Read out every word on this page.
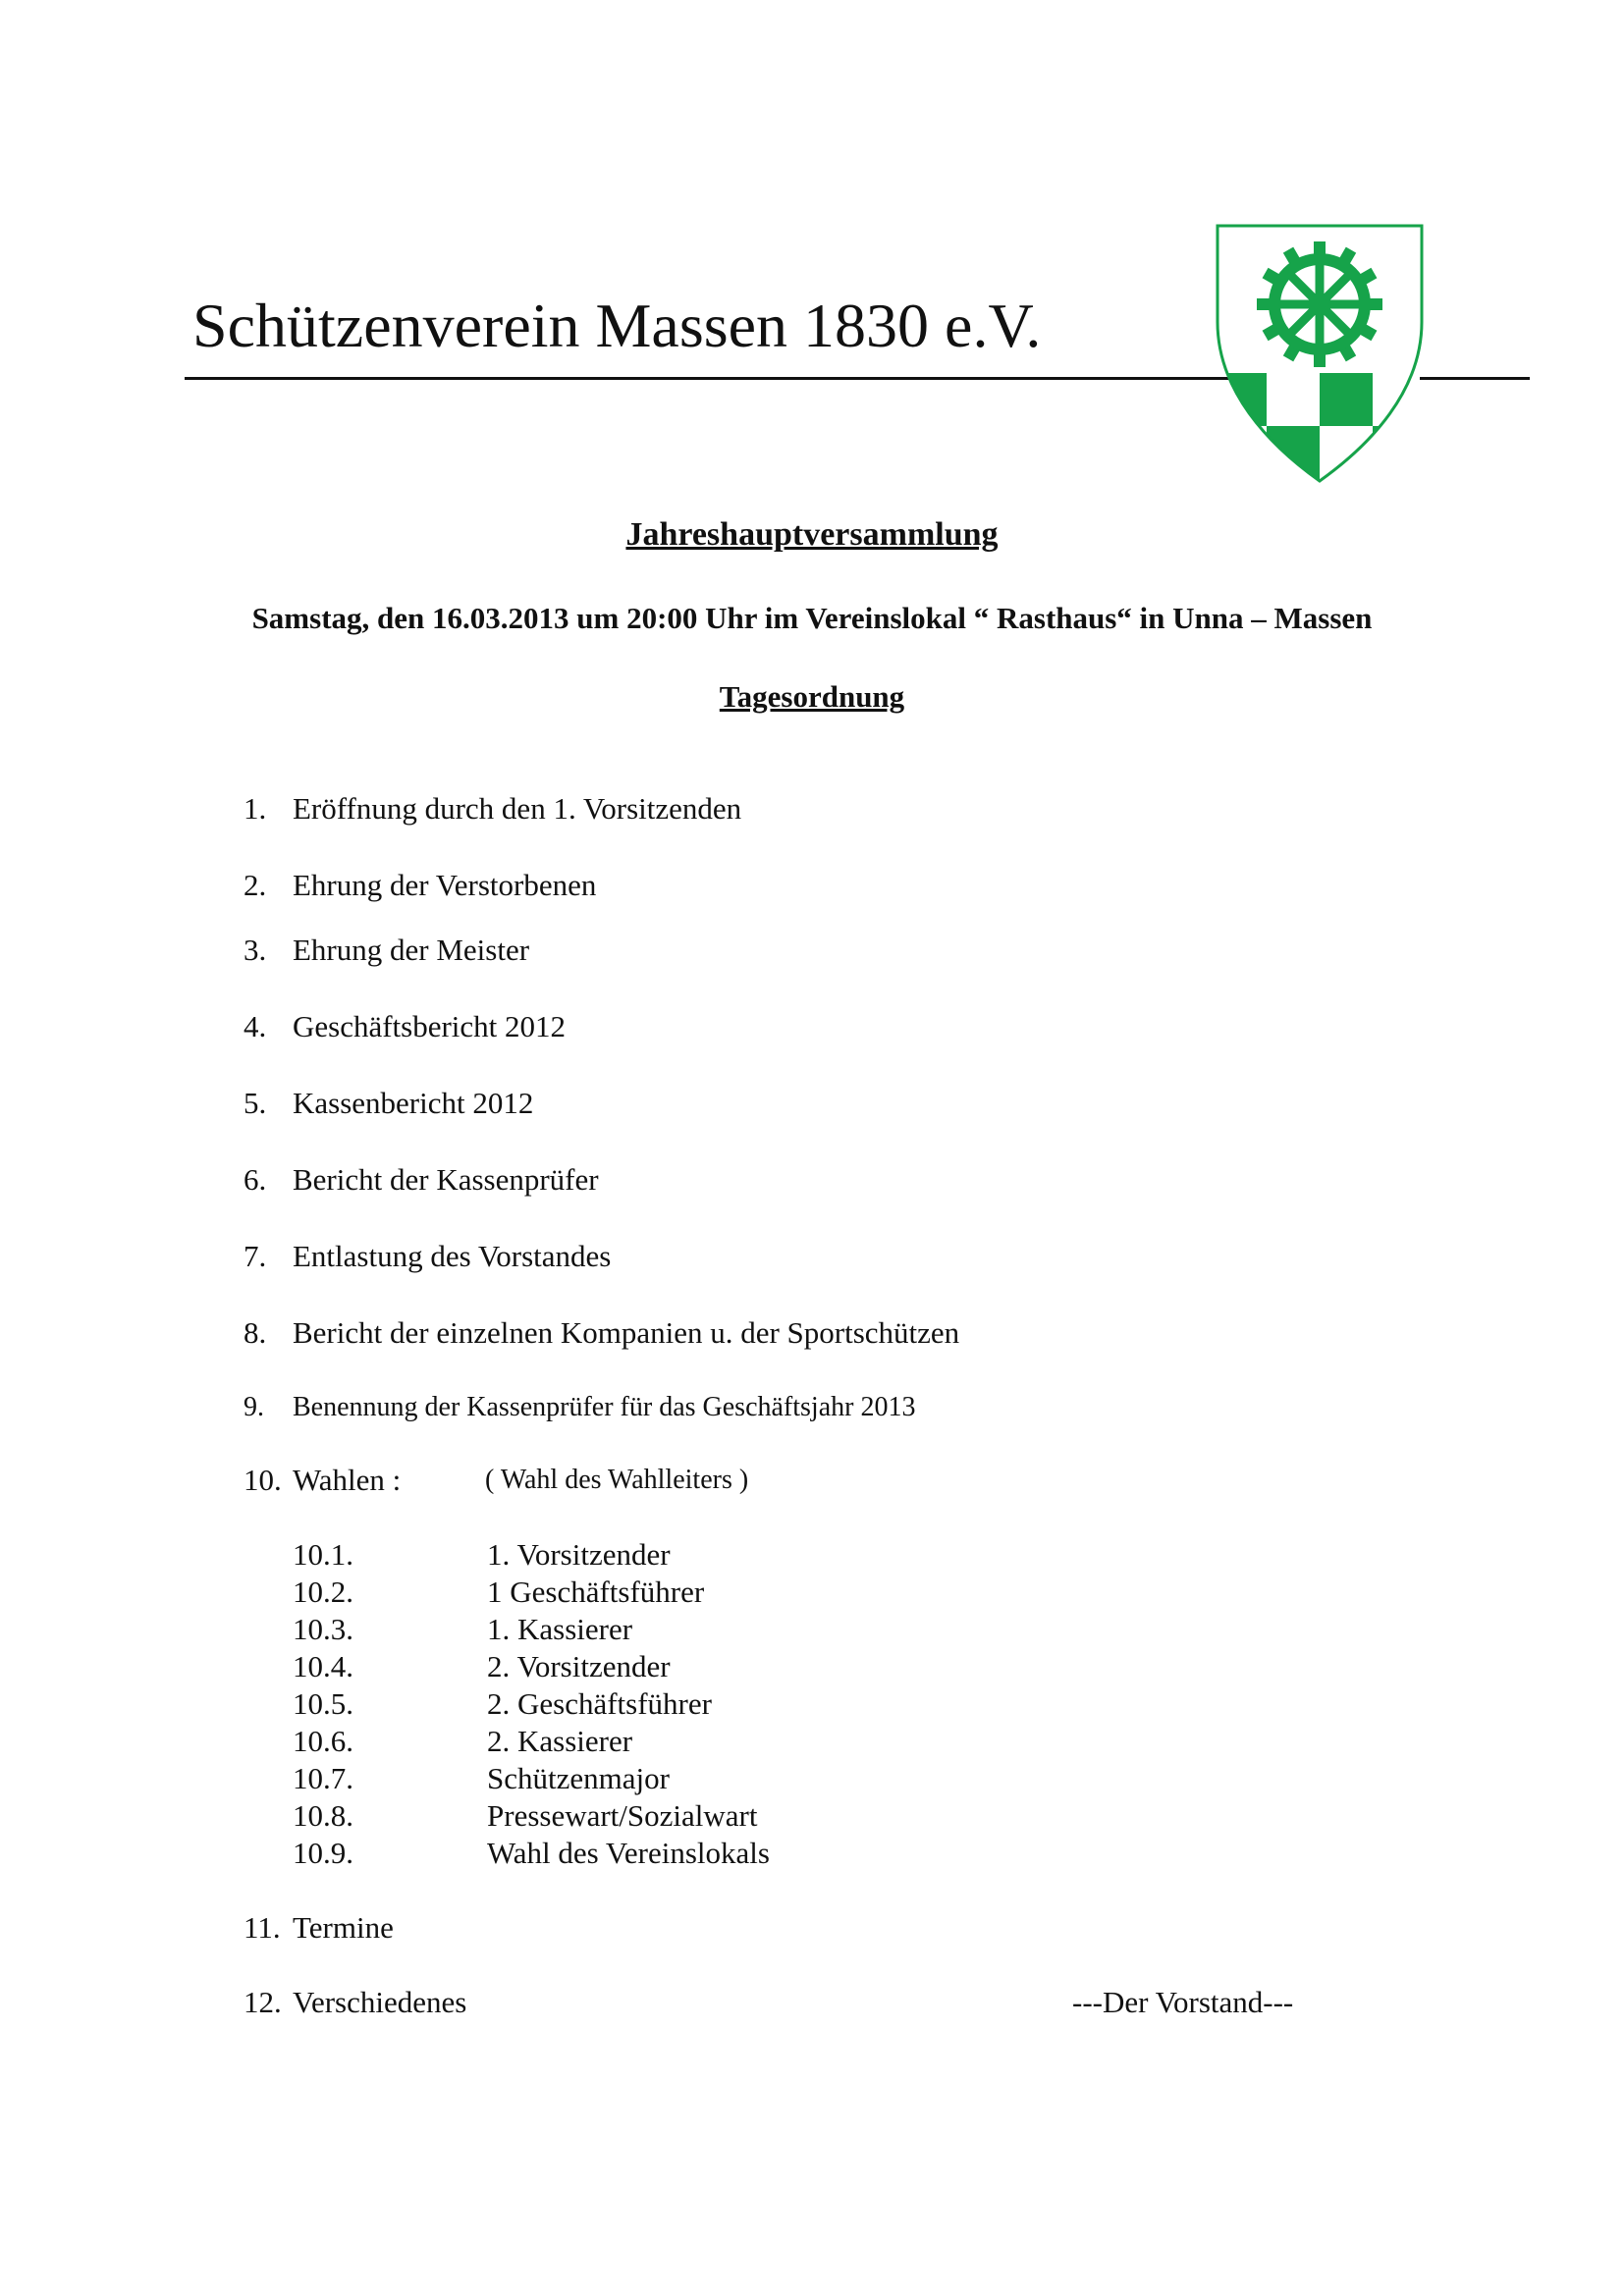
Schützenverein Massen 1830 e.V.
Jahreshauptversammlung
Samstag, den 16.03.2013 um 20:00 Uhr im Vereinslokal “ Rasthaus“ in Unna – Massen
Tagesordnung
1. Eröffnung durch den 1. Vorsitzenden
2. Ehrung der Verstorbenen
3. Ehrung der Meister
4. Geschäftsbericht 2012
5. Kassenbericht 2012
6. Bericht der Kassenprüfer
7. Entlastung des Vorstandes
8. Bericht der einzelnen Kompanien u. der Sportschützen
9. Benennung der Kassenprüfer für das Geschäftsjahr 2013
10. Wahlen :	( Wahl des Wahlleiters )
10.1.	1. Vorsitzender
10.2.	1 Geschäftsführer
10.3.	1. Kassierer
10.4.	2. Vorsitzender
10.5.	2. Geschäftsführer
10.6.	2. Kassierer
10.7.	Schützenmajor
10.8.	Pressewart/Sozialwart
10.9.	Wahl des Vereinslokals
11. Termine
12. Verschiedenes	---Der Vorstand---
